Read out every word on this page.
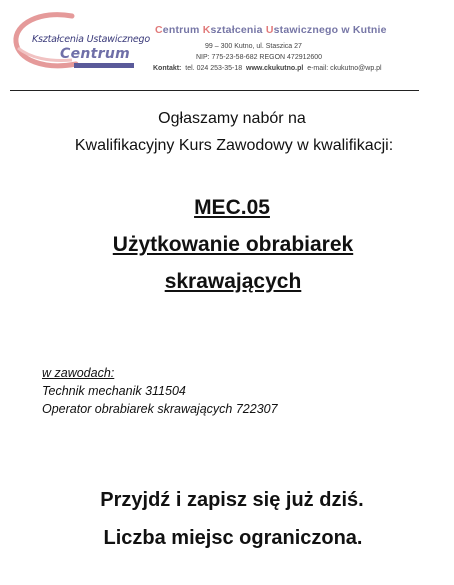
Kształcenia Ustawicznego
Centrum
Centrum Kształcenia Ustawicznego w Kutnie
99 – 300 Kutno, ul. Staszica 27
NIP: 775-23-58-682 REGON 472912600
Kontakt: tel. 024 253-35-18 www.ckukutno.pl e-mail: ckukutno@wp.pl
Ogłaszamy nabór na
Kwalifikacyjny Kurs Zawodowy w kwalifikacji:
MEC.05
Użytkowanie obrabiarek
skrawających
w zawodach:
Technik mechanik 311504
Operator obrabiarek skrawających 722307
Przyjdź i zapisz się już dziś.
Liczba miejsc ograniczona.
